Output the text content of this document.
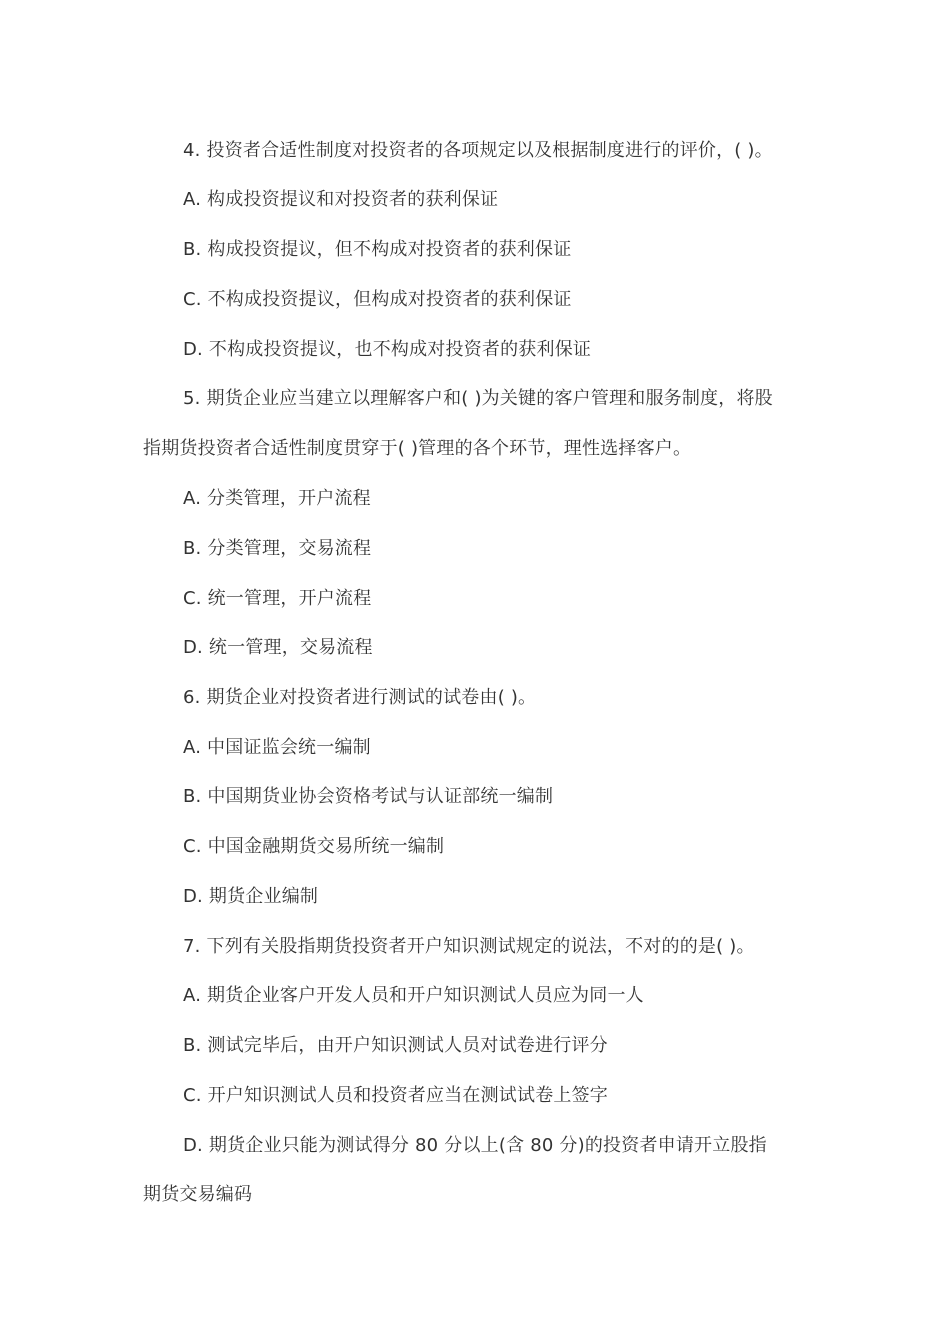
4. 投资者合适性制度对投资者的各项规定以及根据制度进行的评价，( )。
A. 构成投资提议和对投资者的获利保证
B. 构成投资提议，但不构成对投资者的获利保证
C. 不构成投资提议，但构成对投资者的获利保证
D. 不构成投资提议，也不构成对投资者的获利保证
5. 期货企业应当建立以理解客户和( )为关键的客户管理和服务制度，将股
指期货投资者合适性制度贯穿于( )管理的各个环节，理性选择客户。
A. 分类管理，开户流程
B. 分类管理，交易流程
C. 统一管理，开户流程
D. 统一管理，交易流程
6. 期货企业对投资者进行测试的试卷由( )。
A. 中国证监会统一编制
B. 中国期货业协会资格考试与认证部统一编制
C. 中国金融期货交易所统一编制
D. 期货企业编制
7. 下列有关股指期货投资者开户知识测试规定的说法，不对的的是( )。
A. 期货企业客户开发人员和开户知识测试人员应为同一人
B. 测试完毕后，由开户知识测试人员对试卷进行评分
C. 开户知识测试人员和投资者应当在测试试卷上签字
D. 期货企业只能为测试得分 80 分以上(含 80 分)的投资者申请开立股指
期货交易编码
